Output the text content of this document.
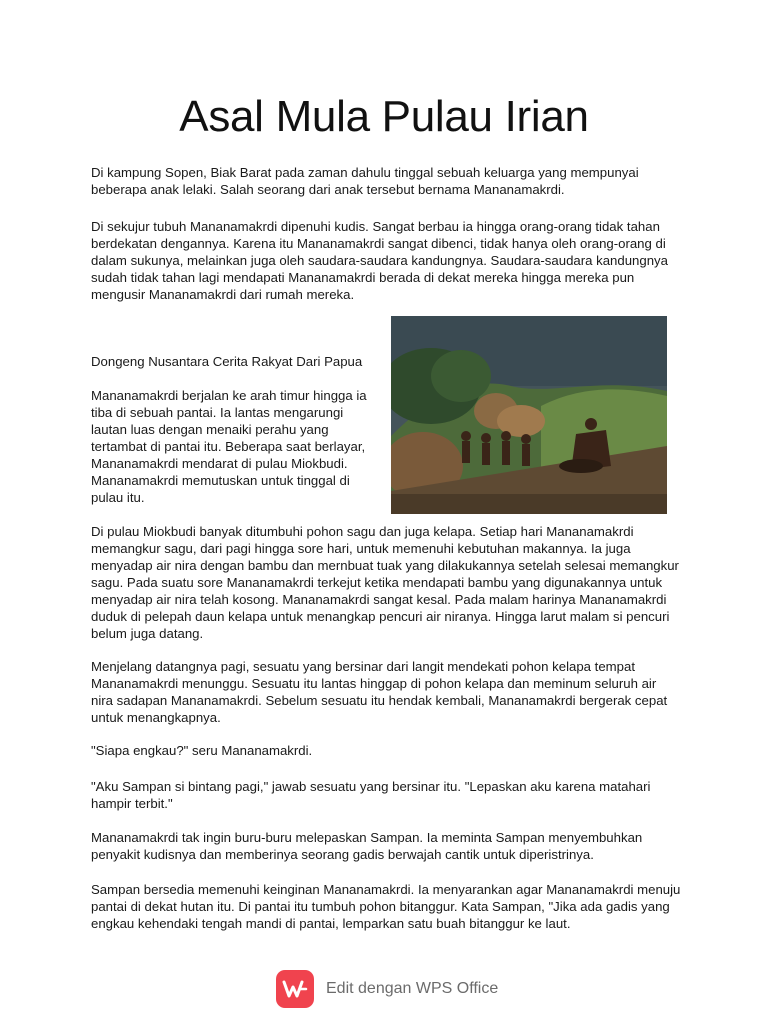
Asal Mula Pulau Irian

Di kampung Sopen, Biak Barat pada zaman dahulu tinggal sebuah keluarga yang mempunyai beberapa anak lelaki. Salah seorang dari anak tersebut bernama Mananamakrdi.

Di sekujur tubuh Mananamakrdi dipenuhi kudis. Sangat berbau ia hingga orang-orang tidak tahan berdekatan dengannya. Karena itu Mananamakrdi sangat dibenci, tidak hanya oleh orang-orang di dalam sukunya, melainkan juga oleh saudara-saudara kandungnya. Saudara-saudara kandungnya sudah tidak tahan lagi mendapati Mananamakrdi berada di dekat mereka hingga mereka pun mengusir Mananamakrdi dari rumah mereka.

Dongeng Nusantara Cerita Rakyat Dari Papua

Mananamakrdi berjalan ke arah timur hingga ia tiba di sebuah pantai. Ia lantas mengarungi lautan luas dengan menaiki perahu yang tertambat di pantai itu. Beberapa saat berlayar, Mananamakrdi mendarat di pulau Miokbudi. Mananamakrdi memutuskan untuk tinggal di pulau itu.

Di pulau Miokbudi banyak ditumbuhi pohon sagu dan juga kelapa. Setiap hari Mananamakrdi memangkur sagu, dari pagi hingga sore hari, untuk memenuhi kebutuhan makannya. Ia juga menyadap air nira dengan bambu dan mernbuat tuak yang dilakukannya setelah selesai memangkur sagu. Pada suatu sore Mananamakrdi terkejut ketika mendapati bambu yang digunakannya untuk menyadap air nira telah kosong. Mananamakrdi sangat kesal. Pada malam harinya Mananamakrdi duduk di pelepah daun kelapa untuk menangkap pencuri air niranya. Hingga larut malam si pencuri belum juga datang.

Menjelang datangnya pagi, sesuatu yang bersinar dari langit mendekati pohon kelapa tempat Mananamakrdi menunggu. Sesuatu itu lantas hinggap di pohon kelapa dan meminum seluruh air nira sadapan Mananamakrdi. Sebelum sesuatu itu hendak kembali, Mananamakrdi bergerak cepat untuk menangkapnya.

"Siapa engkau?" seru Mananamakrdi.

"Aku Sampan si bintang pagi," jawab sesuatu yang bersinar itu. "Lepaskan aku karena matahari hampir terbit."

Mananamakrdi tak ingin buru-buru melepaskan Sampan. Ia meminta Sampan menyembuhkan penyakit kudisnya dan memberinya seorang gadis berwajah cantik untuk diperistrinya.

Sampan bersedia memenuhi keinginan Mananamakrdi. Ia menyarankan agar Mananamakrdi menuju pantai di dekat hutan itu. Di pantai itu tumbuh pohon bitanggur. Kata Sampan, "Jika ada gadis yang engkau kehendaki tengah mandi di pantai, lemparkan satu buah bitanggur ke laut.

Edit dengan WPS Office
